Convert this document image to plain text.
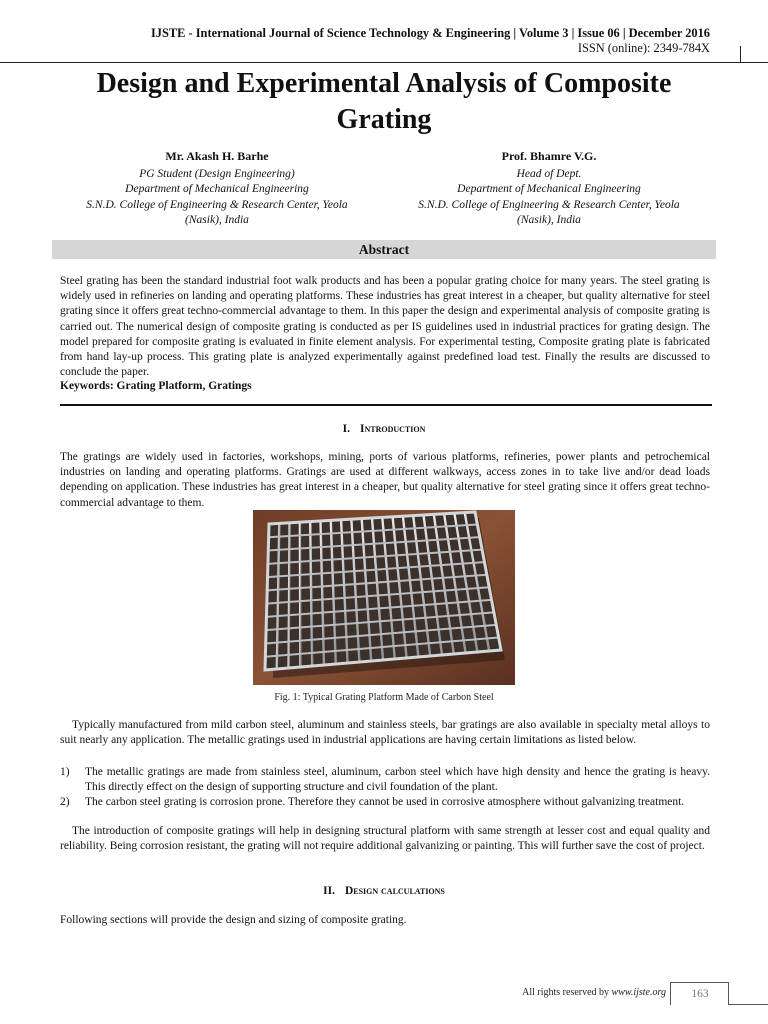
IJSTE - International Journal of Science Technology & Engineering | Volume 3 | Issue 06 | December 2016
ISSN (online): 2349-784X
Design and Experimental Analysis of Composite
Grating
Mr. Akash H. Barhe
PG Student (Design Engineering)
Department of Mechanical Engineering
S.N.D. College of Engineering & Research Center, Yeola
(Nasik), India
Prof. Bhamre V.G.
Head of Dept.
Department of Mechanical Engineering
S.N.D. College of Engineering & Research Center, Yeola
(Nasik), India
Abstract

Steel grating has been the standard industrial foot walk products and has been a popular grating choice for many years. The steel grating is widely used in refineries on landing and operating platforms. These industries has great interest in a cheaper, but quality alternative for steel grating since it offers great techno-commercial advantage to them. In this paper the design and experimental analysis of composite grating is carried out. The numerical design of composite grating is conducted as per IS guidelines used in industrial practices for grating design. The model prepared for composite grating is evaluated in finite element analysis. For experimental testing, Composite grating plate is fabricated from hand lay-up process. This grating plate is analyzed experimentally against predefined load test. Finally the results are discussed to conclude the paper.

Keywords: Grating Platform, Gratings
I. Introduction

The gratings are widely used in factories, workshops, mining, ports of various platforms, refineries, power plants and petrochemical industries on landing and operating platforms. Gratings are used at different walkways, access zones in to take live and/or dead loads depending on application. These industries has great interest in a cheaper, but quality alternative for steel grating since it offers great techno-commercial advantage to them.

Fig. 1: Typical Grating Platform Made of Carbon Steel

Typically manufactured from mild carbon steel, aluminum and stainless steels, bar gratings are also available in specialty metal alloys to suit nearly any application. The metallic gratings used in industrial applications are having certain limitations as listed below.

1) The metallic gratings are made from stainless steel, aluminum, carbon steel which have high density and hence the grating is heavy. This directly effect on the design of supporting structure and civil foundation of the plant.
2) The carbon steel grating is corrosion prone. Therefore they cannot be used in corrosive atmosphere without galvanizing treatment.

The introduction of composite gratings will help in designing structural platform with same strength at lesser cost and equal quality and reliability. Being corrosion resistant, the grating will not require additional galvanizing or painting. This will further save the cost of project.

II. Design calculations

Following sections will provide the design and sizing of composite grating.

All rights reserved by www.ijste.org	163
